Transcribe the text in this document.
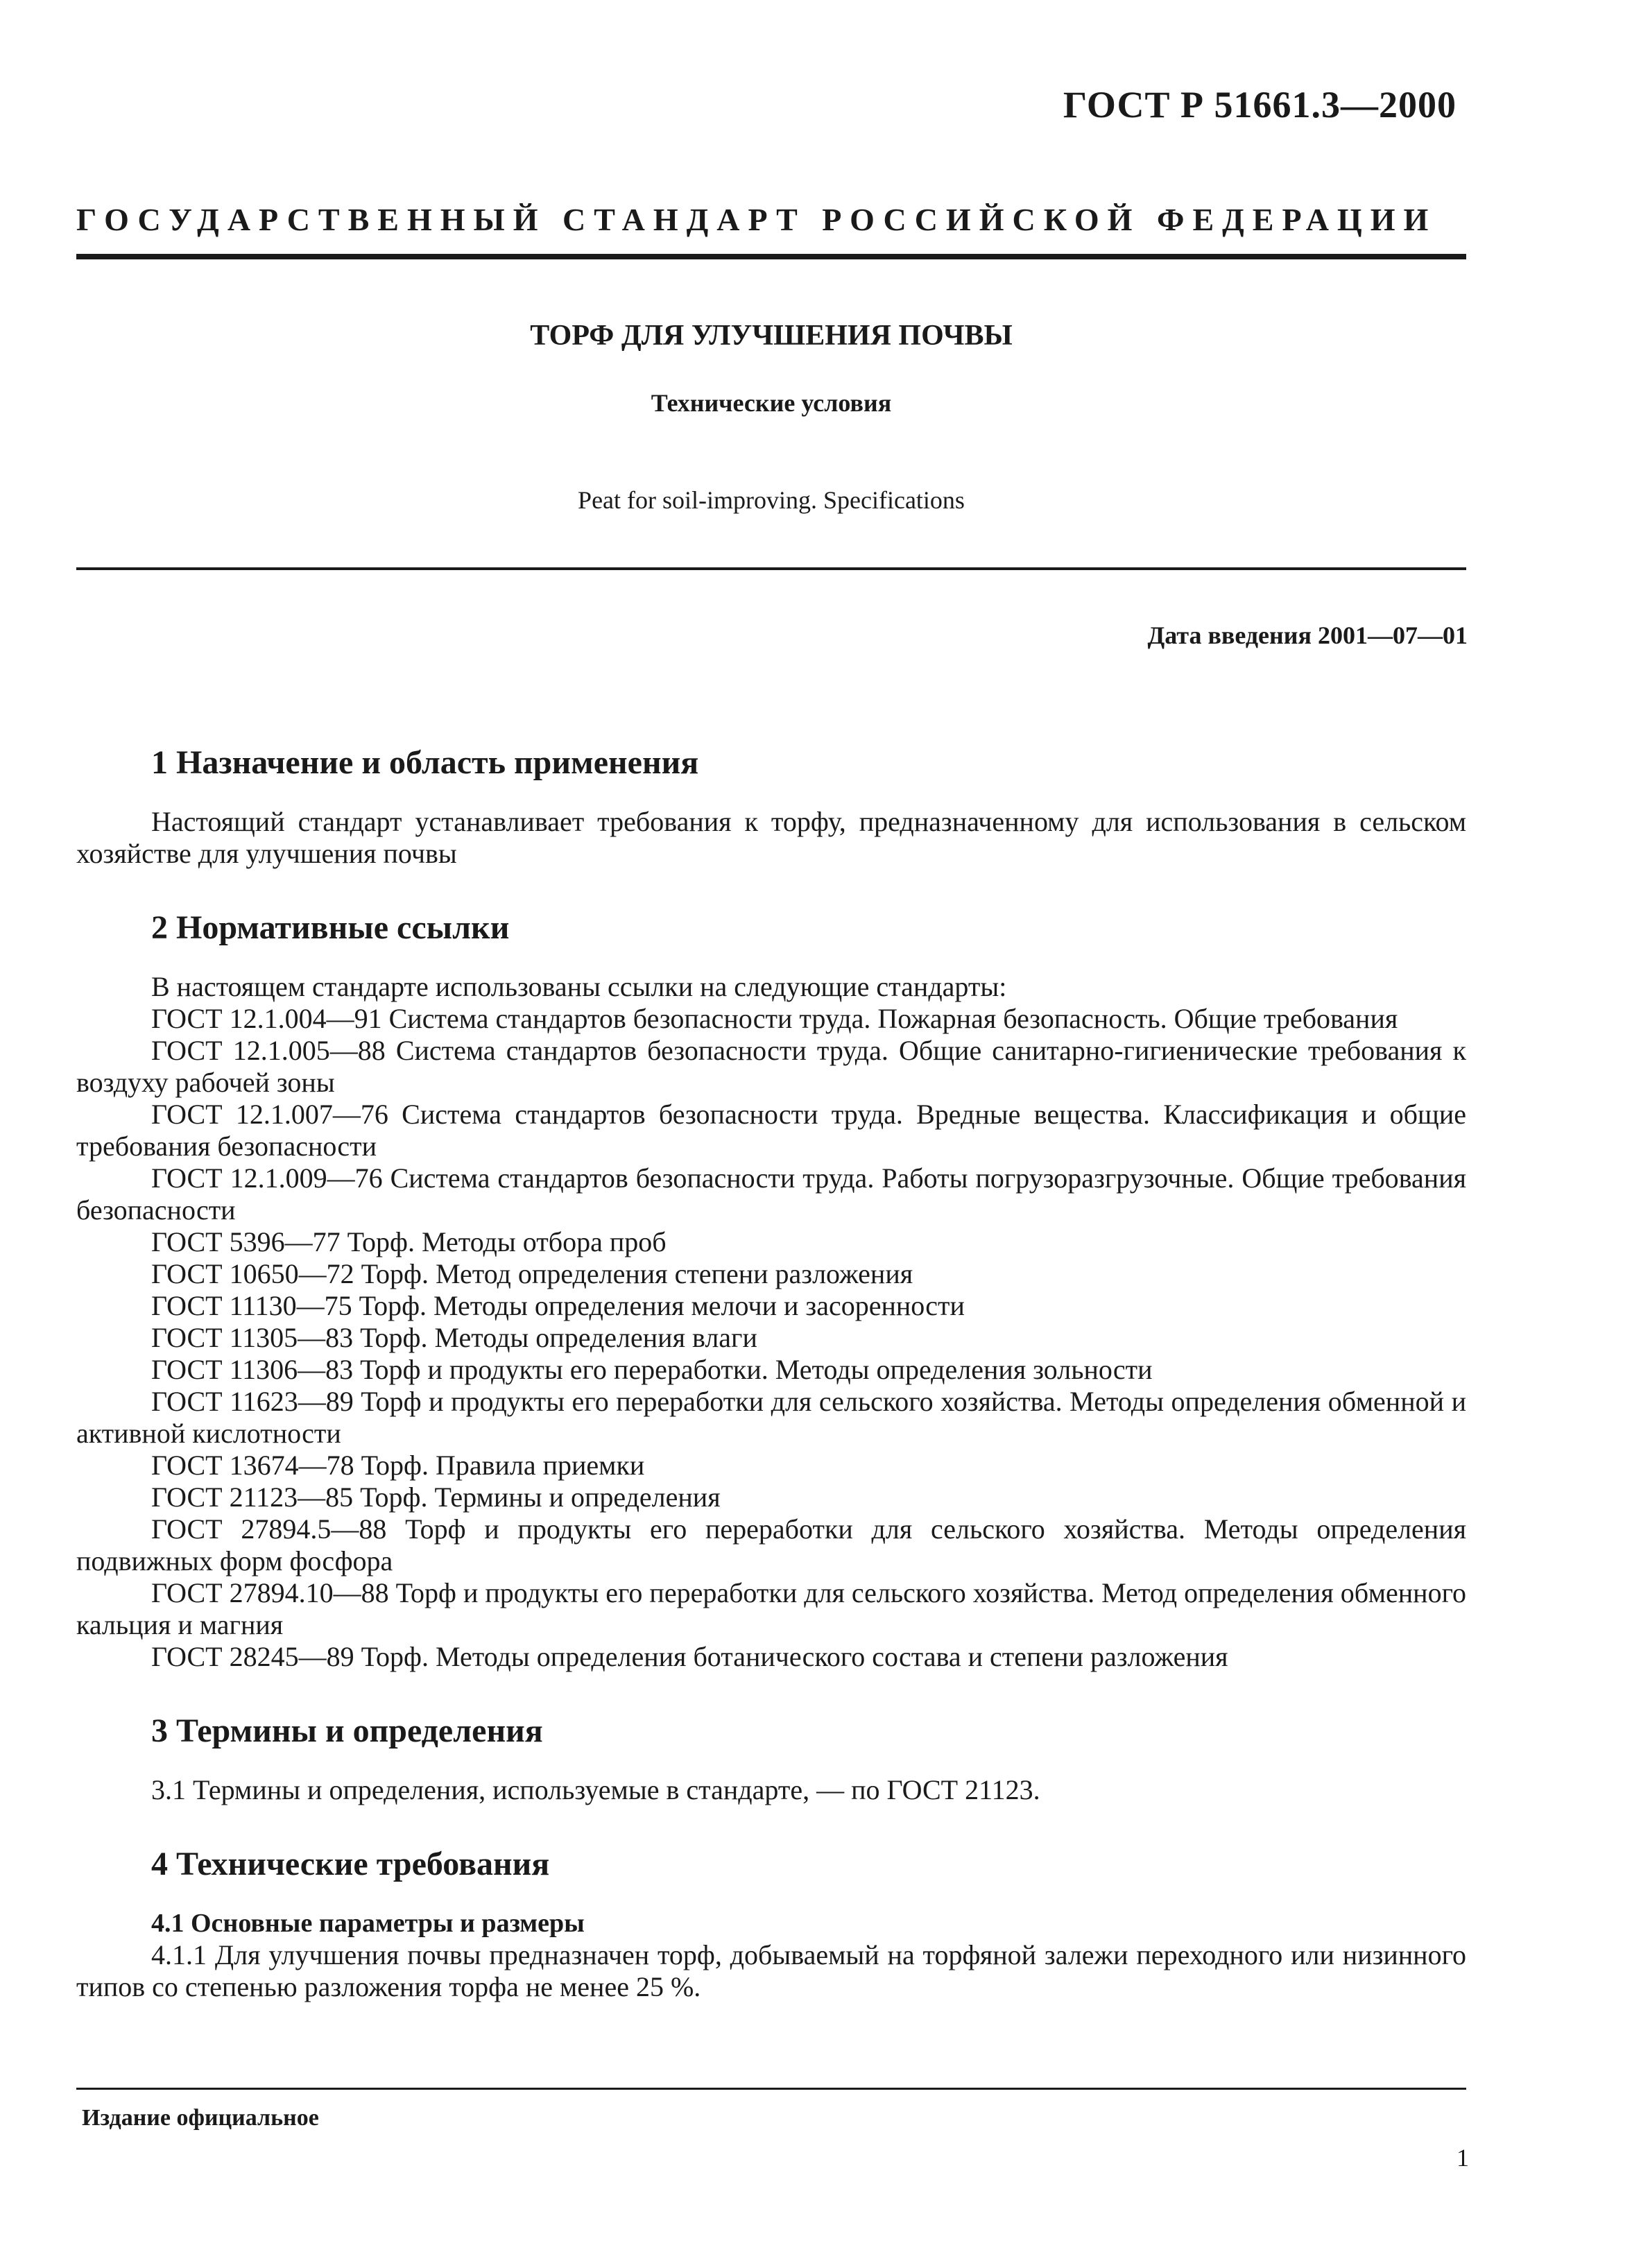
ГОСТ Р 51661.3—2000
ГОСУДАРСТВЕННЫЙ СТАНДАРТ РОССИЙСКОЙ ФЕДЕРАЦИИ
ТОРФ ДЛЯ УЛУЧШЕНИЯ ПОЧВЫ
Технические условия
Peat for soil-improving. Specifications
Дата введения 2001—07—01
1 Назначение и область применения

Настоящий стандарт устанавливает требования к торфу, предназначенному для использования в сельском хозяйстве для улучшения почвы

2 Нормативные ссылки

В настоящем стандарте использованы ссылки на следующие стандарты:

ГОСТ 12.1.004—91 Система стандартов безопасности труда. Пожарная безопасность. Общие требования

ГОСТ 12.1.005—88 Система стандартов безопасности труда. Общие санитарно-гигиенические требования к воздуху рабочей зоны

ГОСТ 12.1.007—76 Система стандартов безопасности труда. Вредные вещества. Классификация и общие требования безопасности

ГОСТ 12.1.009—76 Система стандартов безопасности труда. Работы погрузоразгрузочные. Общие требования безопасности

ГОСТ 5396—77 Торф. Методы отбора проб

ГОСТ 10650—72 Торф. Метод определения степени разложения

ГОСТ 11130—75 Торф. Методы определения мелочи и засоренности

ГОСТ 11305—83 Торф. Методы определения влаги

ГОСТ 11306—83 Торф и продукты его переработки. Методы определения зольности

ГОСТ 11623—89 Торф и продукты его переработки для сельского хозяйства. Методы определения обменной и активной кислотности

ГОСТ 13674—78 Торф. Правила приемки

ГОСТ 21123—85 Торф. Термины и определения

ГОСТ 27894.5—88 Торф и продукты его переработки для сельского хозяйства. Методы определения подвижных форм фосфора

ГОСТ 27894.10—88 Торф и продукты его переработки для сельского хозяйства. Метод определения обменного кальция и магния

ГОСТ 28245—89 Торф. Методы определения ботанического состава и степени разложения

3 Термины и определения

3.1 Термины и определения, используемые в стандарте, — по ГОСТ 21123.

4 Технические требования
4.1 Основные параметры и размеры

4.1.1 Для улучшения почвы предназначен торф, добываемый на торфяной залежи переходного или низинного типов со степенью разложения торфа не менее 25 %.

Издание официальное
1
